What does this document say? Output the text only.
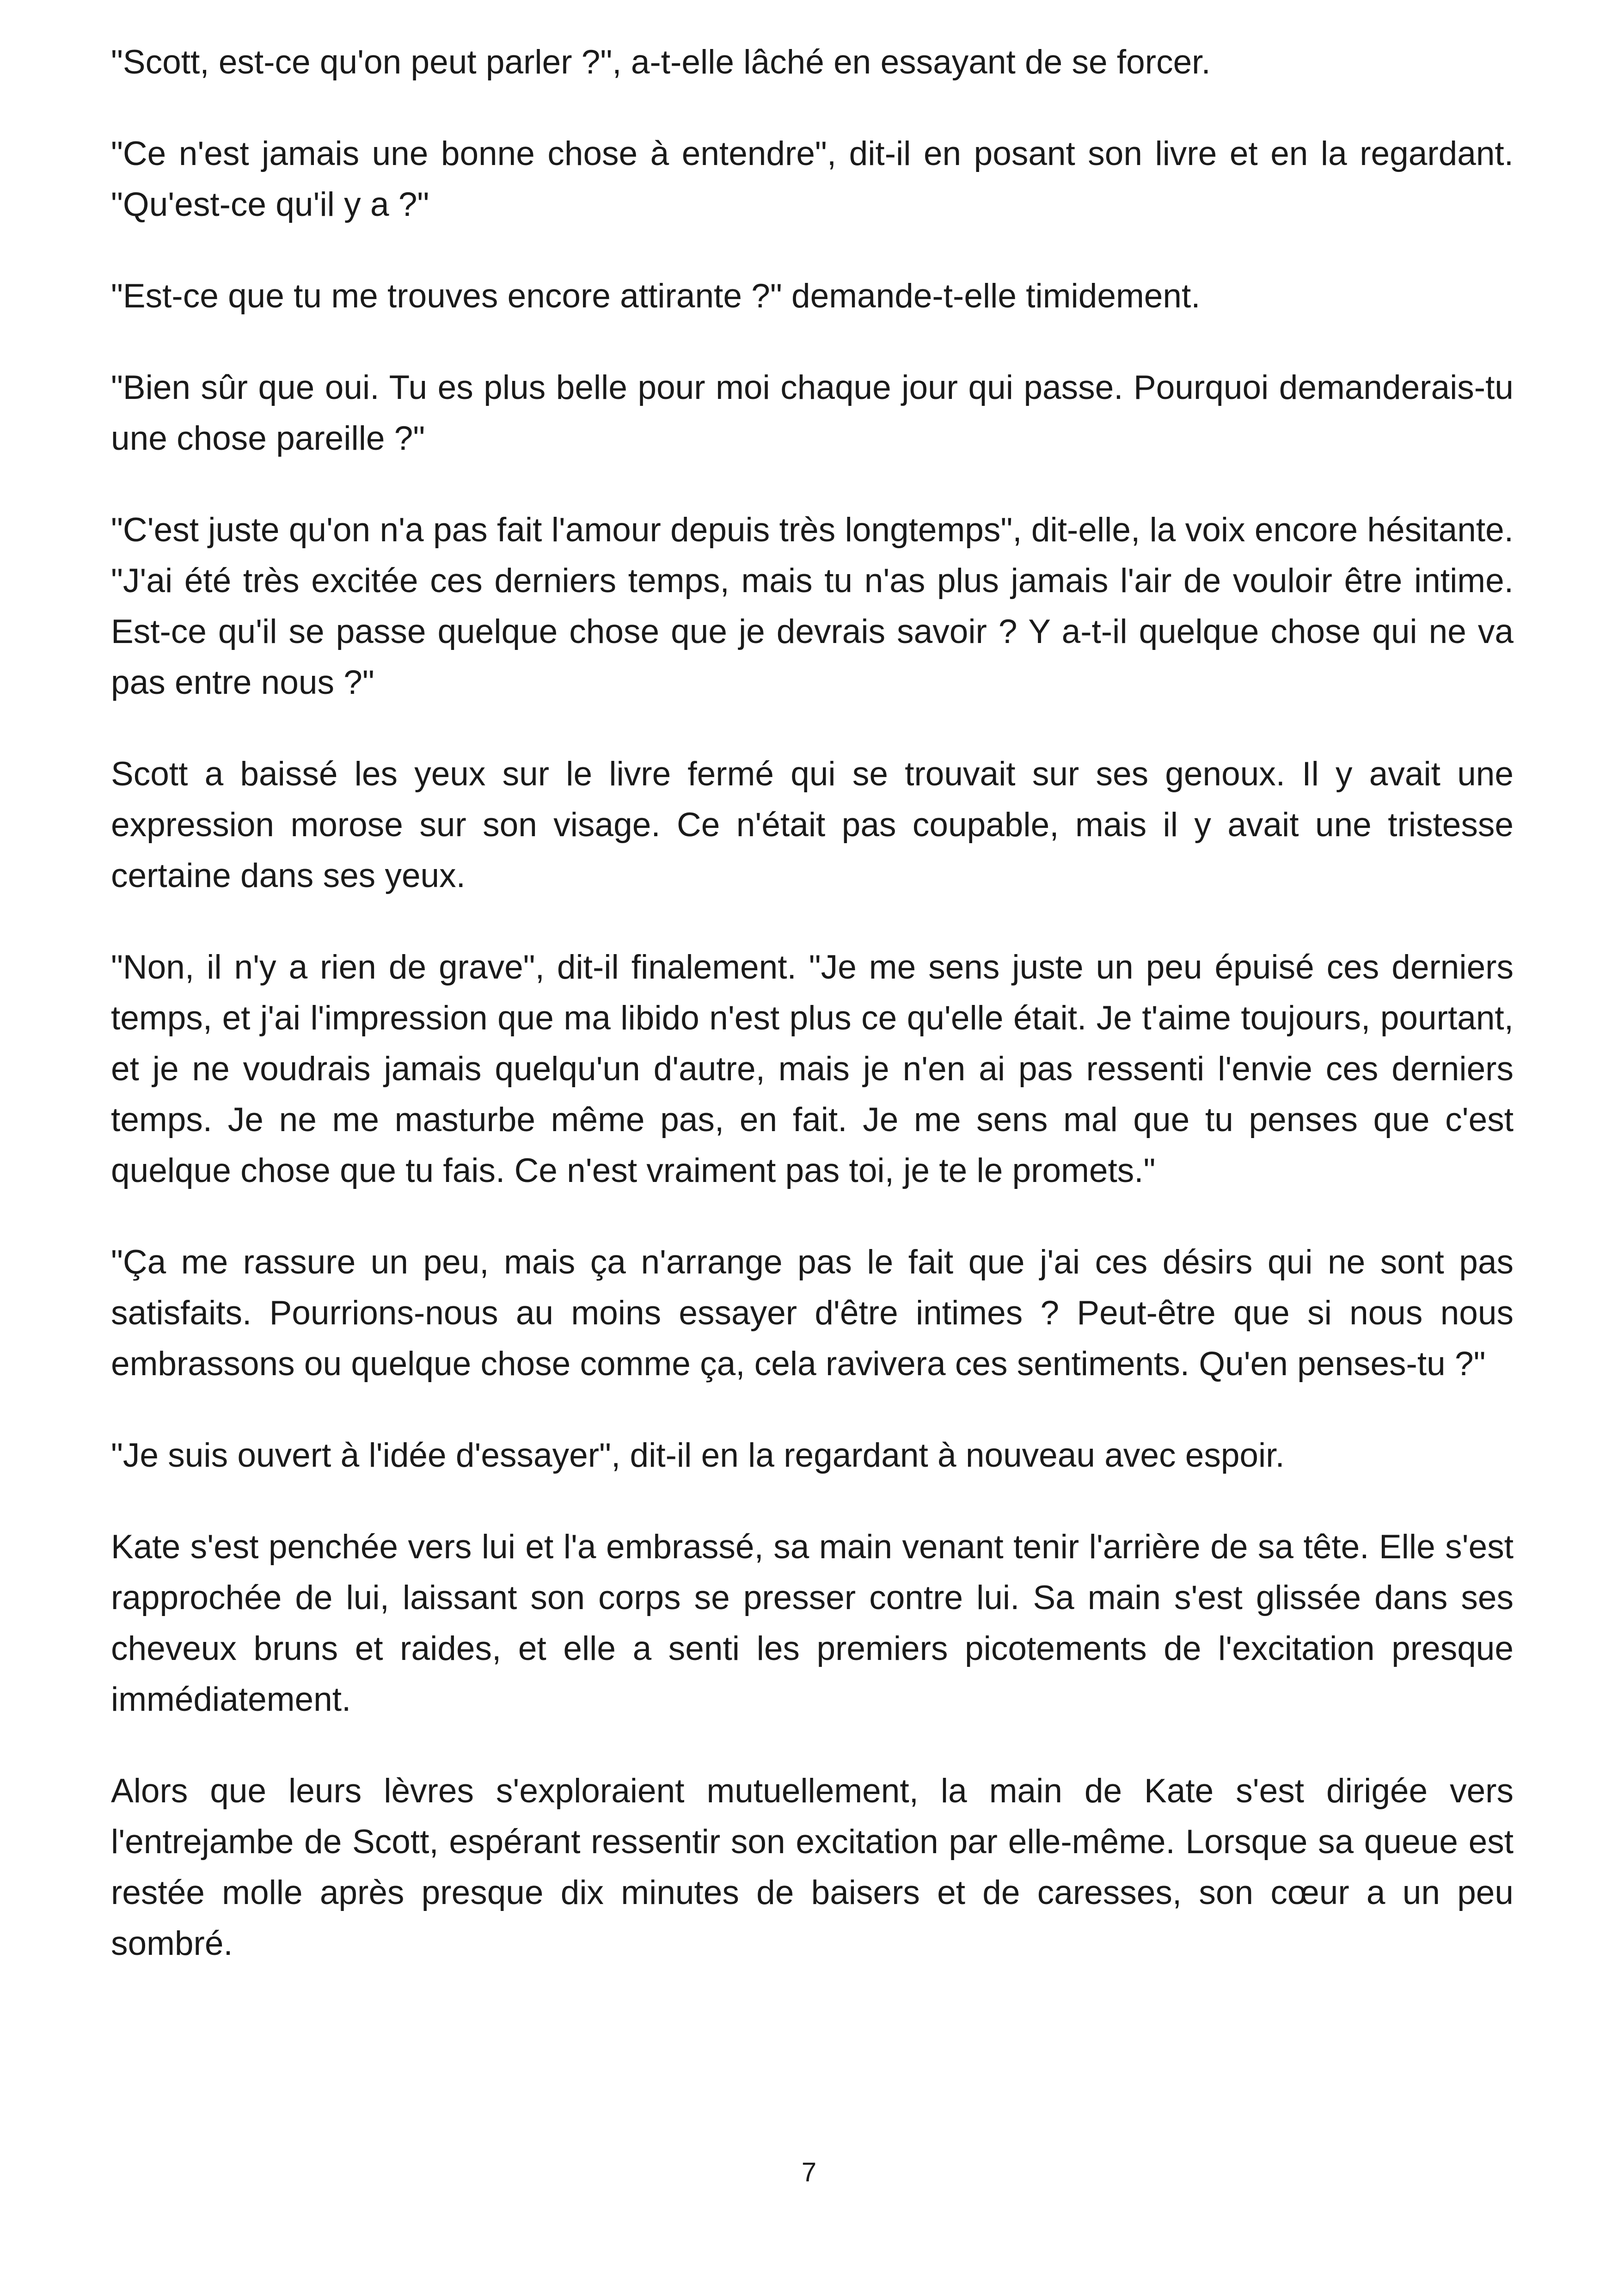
"Scott, est-ce qu'on peut parler ?", a-t-elle lâché en essayant de se forcer.

"Ce n'est jamais une bonne chose à entendre", dit-il en posant son livre et en la regardant. "Qu'est-ce qu'il y a ?"

"Est-ce que tu me trouves encore attirante ?" demande-t-elle timidement.

"Bien sûr que oui. Tu es plus belle pour moi chaque jour qui passe. Pourquoi demanderais-tu une chose pareille ?"

"C'est juste qu'on n'a pas fait l'amour depuis très longtemps", dit-elle, la voix encore hésitante. "J'ai été très excitée ces derniers temps, mais tu n'as plus jamais l'air de vouloir être intime. Est-ce qu'il se passe quelque chose que je devrais savoir ? Y a-t-il quelque chose qui ne va pas entre nous ?"

Scott a baissé les yeux sur le livre fermé qui se trouvait sur ses genoux. Il y avait une expression morose sur son visage. Ce n'était pas coupable, mais il y avait une tristesse certaine dans ses yeux.

"Non, il n'y a rien de grave", dit-il finalement. "Je me sens juste un peu épuisé ces derniers temps, et j'ai l'impression que ma libido n'est plus ce qu'elle était. Je t'aime toujours, pourtant, et je ne voudrais jamais quelqu'un d'autre, mais je n'en ai pas ressenti l'envie ces derniers temps. Je ne me masturbe même pas, en fait. Je me sens mal que tu penses que c'est quelque chose que tu fais. Ce n'est vraiment pas toi, je te le promets."

"Ça me rassure un peu, mais ça n'arrange pas le fait que j'ai ces désirs qui ne sont pas satisfaits. Pourrions-nous au moins essayer d'être intimes ? Peut-être que si nous nous embrassons ou quelque chose comme ça, cela ravivera ces sentiments. Qu'en penses-tu ?"

"Je suis ouvert à l'idée d'essayer", dit-il en la regardant à nouveau avec espoir.

Kate s'est penchée vers lui et l'a embrassé, sa main venant tenir l'arrière de sa tête. Elle s'est rapprochée de lui, laissant son corps se presser contre lui. Sa main s'est glissée dans ses cheveux bruns et raides, et elle a senti les premiers picotements de l'excitation presque immédiatement.

Alors que leurs lèvres s'exploraient mutuellement, la main de Kate s'est dirigée vers l'entrejambe de Scott, espérant ressentir son excitation par elle-même. Lorsque sa queue est restée molle après presque dix minutes de baisers et de caresses, son cœur a un peu sombré.

7
